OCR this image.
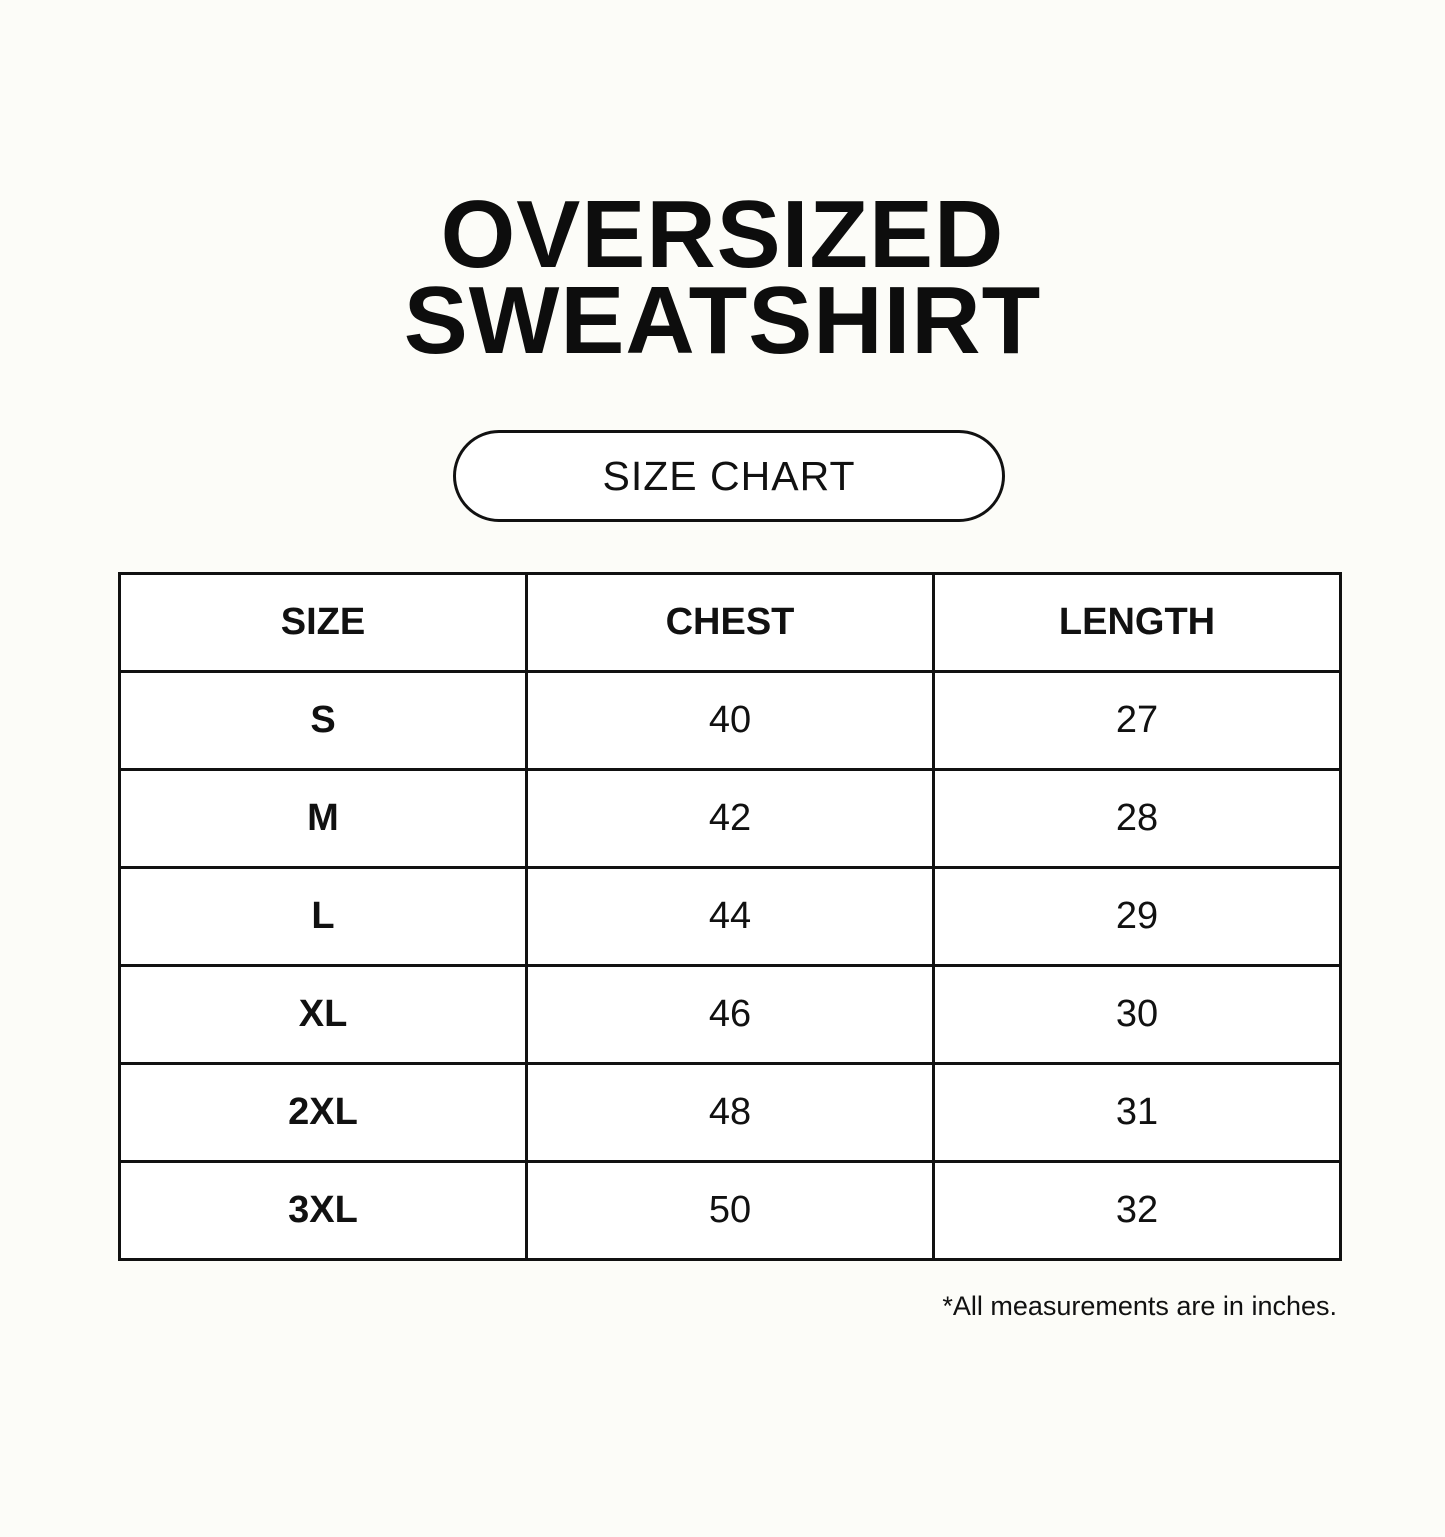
OVERSIZED
SWEATSHIRT
SIZE CHART
SIZE	CHEST	LENGTH
S	40	27
M	42	28
L	44	29
XL	46	30
2XL	48	31
3XL	50	32
*All measurements are in inches.
